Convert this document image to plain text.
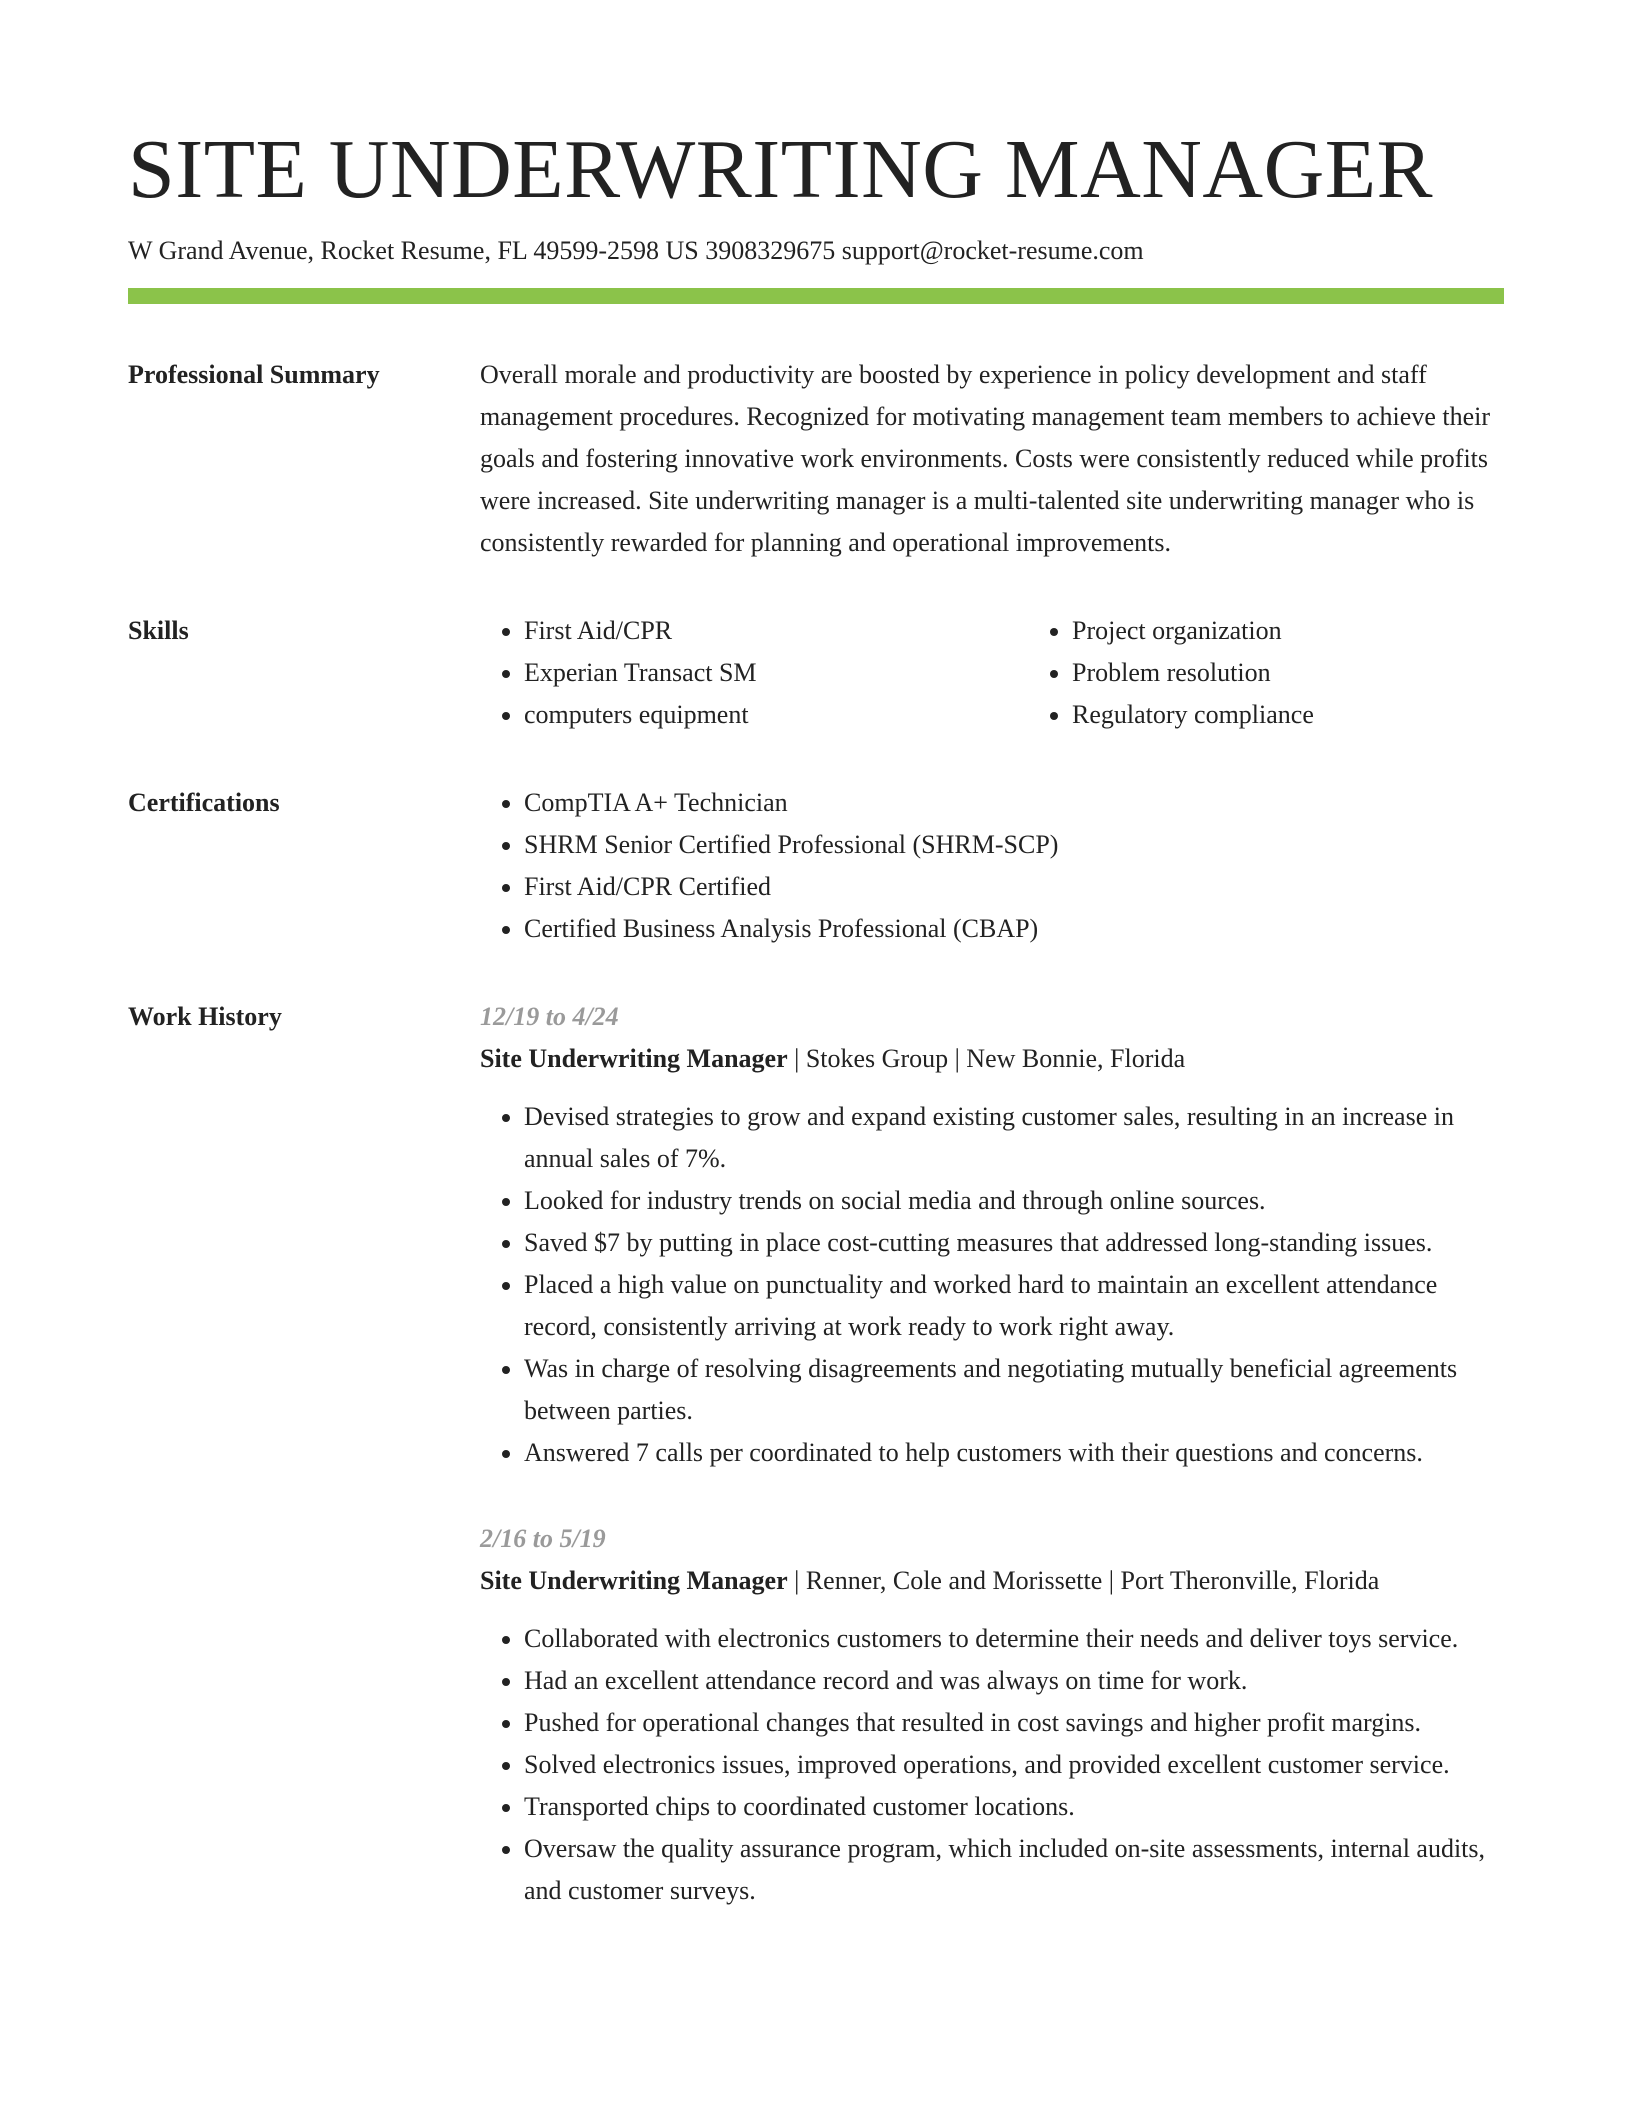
SITE UNDERWRITING MANAGER
W Grand Avenue, Rocket Resume, FL 49599-2598 US 3908329675 support@rocket-resume.com
Professional Summary	Overall morale and productivity are boosted by experience in policy development and staff management procedures. Recognized for motivating management team members to achieve their goals and fostering innovative work environments. Costs were consistently reduced while profits were increased. Site underwriting manager is a multi-talented site underwriting manager who is consistently rewarded for planning and operational improvements.

Skills	• First Aid/CPR
• Experian Transact SM
• computers equipment
• Project organization
• Problem resolution
• Regulatory compliance
Certifications	• CompTIA A+ Technician
• SHRM Senior Certified Professional (SHRM-SCP)
• First Aid/CPR Certified
• Certified Business Analysis Professional (CBAP)
Work History	12/19 to 4/24
Site Underwriting Manager | Stokes Group | New Bonnie, Florida
• Devised strategies to grow and expand existing customer sales, resulting in an increase in annual sales of 7%.
• Looked for industry trends on social media and through online sources.
• Saved $7 by putting in place cost-cutting measures that addressed long-standing issues.
• Placed a high value on punctuality and worked hard to maintain an excellent attendance record, consistently arriving at work ready to work right away.
• Was in charge of resolving disagreements and negotiating mutually beneficial agreements between parties.
• Answered 7 calls per coordinated to help customers with their questions and concerns.
2/16 to 5/19
Site Underwriting Manager | Renner, Cole and Morissette | Port Theronville, Florida
• Collaborated with electronics customers to determine their needs and deliver toys service.
• Had an excellent attendance record and was always on time for work.
• Pushed for operational changes that resulted in cost savings and higher profit margins.
• Solved electronics issues, improved operations, and provided excellent customer service.
• Transported chips to coordinated customer locations.
• Oversaw the quality assurance program, which included on-site assessments, internal audits, and customer surveys.
